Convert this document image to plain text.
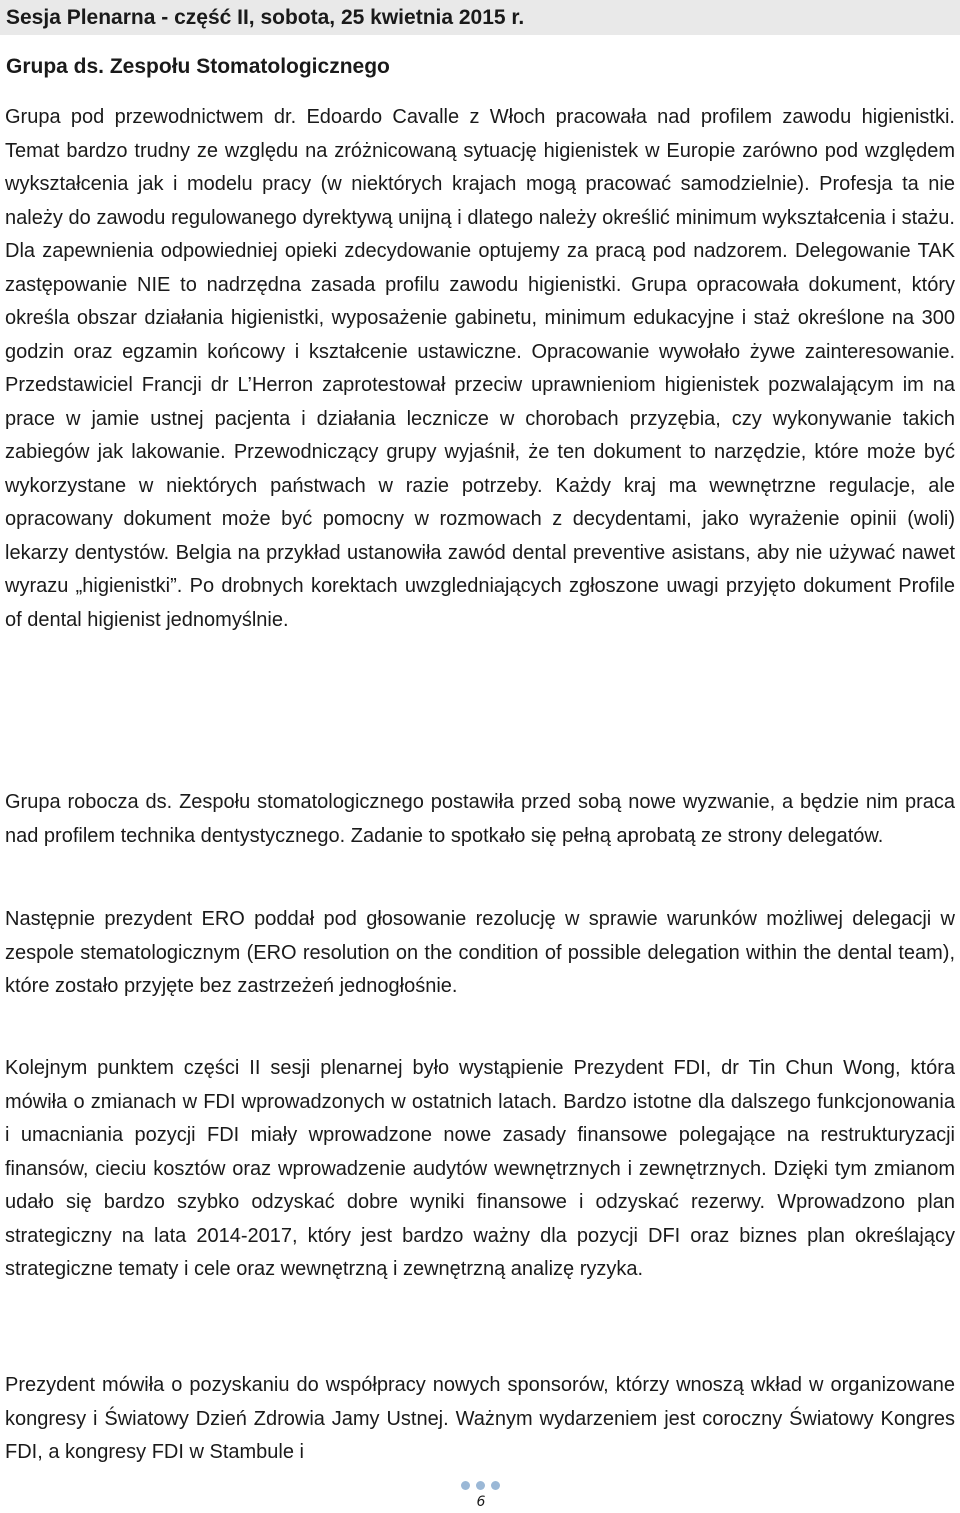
Sesja Plenarna - część II, sobota, 25 kwietnia 2015 r.
Grupa ds. Zespołu Stomatologicznego

Grupa pod przewodnictwem dr. Edoardo Cavalle z Włoch pracowała nad profilem zawodu higienistki. Temat bardzo trudny ze względu na zróżnicowaną sytuację higienistek w Europie zarówno pod względem wykształcenia jak i modelu pracy (w niektórych krajach mogą pracować samodzielnie). Profesja ta nie należy do zawodu regulowanego dyrektywą unijną i dlatego należy określić minimum wykształcenia i stażu. Dla zapewnienia odpowiedniej opieki zdecydowanie optujemy za pracą pod nadzorem. Delegowanie TAK zastępowanie NIE to nadrzędna zasada profilu zawodu higienistki. Grupa opracowała dokument, który określa obszar działania higienistki, wyposażenie gabinetu, minimum edukacyjne i staż określone na 300 godzin oraz egzamin końcowy i kształcenie ustawiczne. Opracowanie wywołało żywe zainteresowanie. Przedstawiciel Francji dr L’Herron zaprotestował przeciw uprawnieniom higienistek pozwalającym im na prace w jamie ustnej pacjenta i działania lecznicze w chorobach przyzębia, czy wykonywanie takich zabiegów jak lakowanie. Przewodniczący grupy wyjaśnił, że ten dokument to narzędzie, które może być wykorzystane w niektórych państwach w razie potrzeby. Każdy kraj ma wewnętrzne regulacje, ale opracowany dokument może być pomocny w rozmowach z decydentami, jako wyrażenie opinii (woli) lekarzy dentystów. Belgia na przykład ustanowiła zawód dental preventive asistans, aby nie używać nawet wyrazu „higienistki”. Po drobnych korektach uwzgledniających zgłoszone uwagi przyjęto dokument Profile of dental higienist jednomyślnie.

Grupa robocza ds. Zespołu stomatologicznego postawiła przed sobą nowe wyzwanie, a będzie nim praca nad profilem technika dentystycznego. Zadanie to spotkało się pełną aprobatą ze strony delegatów.

Następnie prezydent ERO poddał pod głosowanie rezolucję w sprawie warunków możliwej delegacji w zespole stematologicznym (ERO resolution on the condition of possible delegation within the dental team), które zostało przyjęte bez zastrzeżeń jednogłośnie.

Kolejnym punktem części II sesji plenarnej było wystąpienie Prezydent FDI, dr Tin Chun Wong, która mówiła o zmianach w FDI wprowadzonych w ostatnich latach. Bardzo istotne dla dalszego funkcjonowania i umacniania pozycji FDI miały wprowadzone nowe zasady finansowe polegające na restrukturyzacji finansów, cieciu kosztów oraz wprowadzenie audytów wewnętrznych i zewnętrznych. Dzięki tym zmianom udało się bardzo szybko odzyskać dobre wyniki finansowe i odzyskać rezerwy. Wprowadzono plan strategiczny na lata 2014-2017, który jest bardzo ważny dla pozycji DFI oraz biznes plan określający strategiczne tematy i cele oraz wewnętrzną i zewnętrzną analizę ryzyka.

Prezydent mówiła o pozyskaniu do współpracy nowych sponsorów, którzy wnoszą wkład w organizowane kongresy i Światowy Dzień Zdrowia Jamy Ustnej. Ważnym wydarzeniem jest coroczny Światowy Kongres FDI, a kongresy FDI w Stambule i

6
